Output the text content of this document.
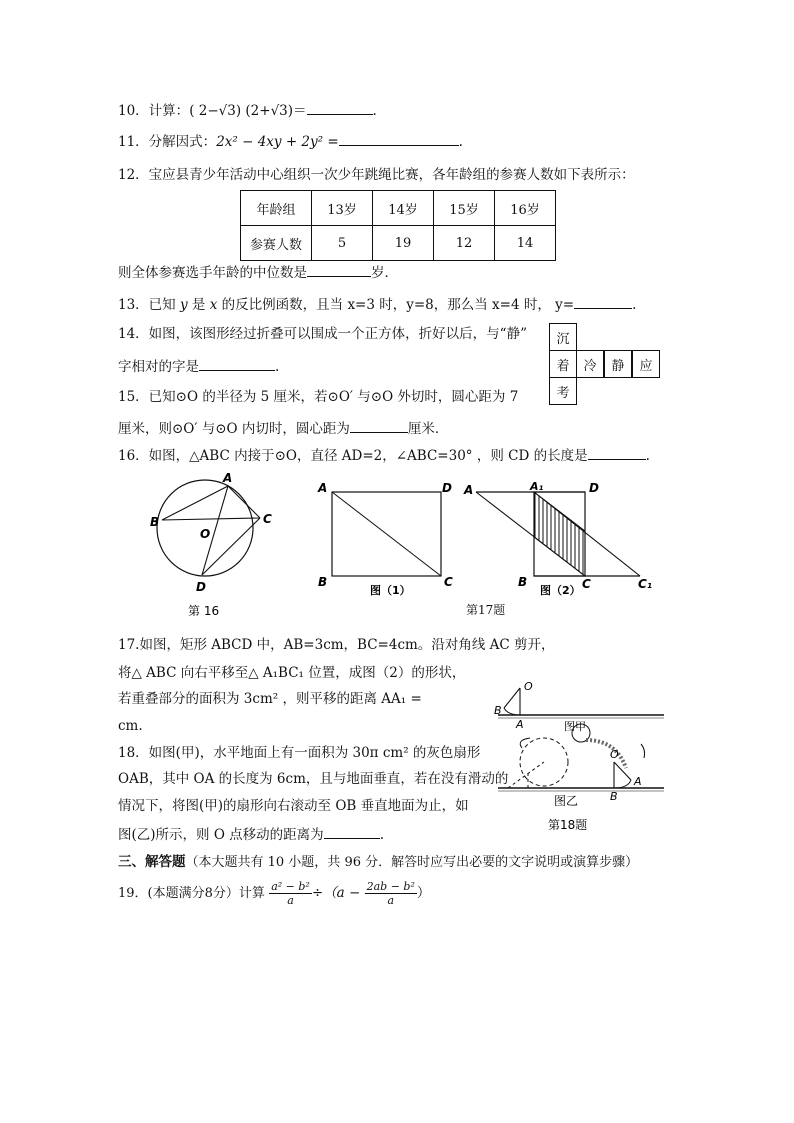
10．计算：( 2−√3) (2+√3)＝	.
11．分解因式：2x² − 4xy + 2y² =	.
12．宝应县青少年活动中心组织一次少年跳绳比赛，各年龄组的参赛人数如下表所示：
年龄组	13岁	14岁	15岁	16岁
参赛人数	5	19	12	14
则全体参赛选手年龄的中位数是	岁．
13．已知 y 是 x 的反比例函数，且当 x=3 时，y=8，那么当 x=4 时， y=	.
14．如图，该图形经过折叠可以围成一个正方体，折好以后，与“静”
字相对的字是	.
沉
着	冷	静	应
考
15．已知⊙O 的半径为 5 厘米，若⊙O′ 与⊙O 外切时，圆心距为 7
厘米，则⊙O′ 与⊙O 内切时，圆心距为	厘米．
16．如图，△ABC 内接于⊙O，直径 AD=2，∠ABC=30° ，则 CD 的长度是	.
A
B	C
D
O
第 16
A	D
B	C
图（1）
A	A₁	D
B	C	C₁
图（2）
第17题
17.如图，矩形 ABCD 中，AB=3cm，BC=4cm。沿对角线 AC 剪开，
将△ ABC 向右平移至△ A₁BC₁ 位置，成图（2）的形状，
若重叠部分的面积为 3cm² ，则平移的距离 AA₁ =
cm.
18．如图(甲)，水平地面上有一面积为 30π cm² 的灰色扇形
OAB，其中 OA 的长度为 6cm，且与地面垂直，若在没有滑动的
情况下，将图(甲)的扇形向右滚动至 OB 垂直地面为止，如
图(乙)所示，则 O 点移动的距离为	.
O
A
B
图甲
O
A
B
图乙
第18题
三、解答题（本大题共有 10 小题，共 96 分．解答时应写出必要的文字说明或演算步骤）
19．(本题满分8分）计算 $\frac{\text{a² − b²}}{a} \div(a - \frac{\text{2ab − b²}}{a}$ ）
